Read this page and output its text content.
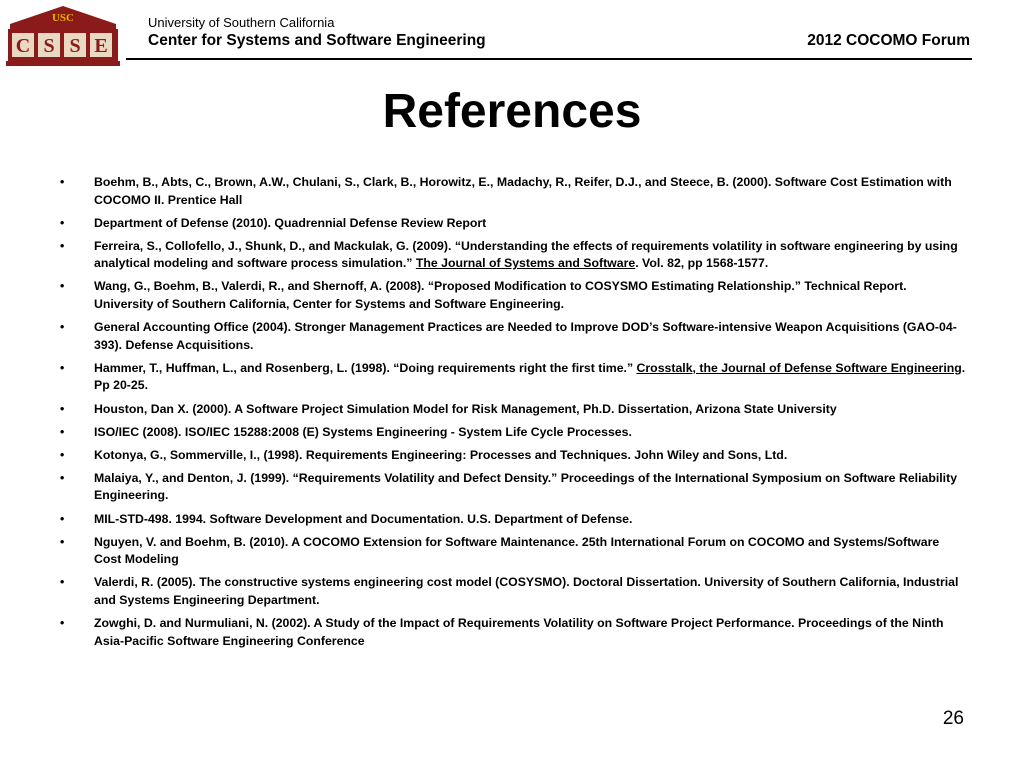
USC
C S S E
University of Southern California
Center for Systems and Software Engineering	2012 COCOMO Forum
References
• Boehm, B., Abts, C., Brown, A.W., Chulani, S., Clark, B., Horowitz, E., Madachy, R., Reifer, D.J., and Steece, B. (2000). Software Cost Estimation with COCOMO II. Prentice Hall
• Department of Defense (2010). Quadrennial Defense Review Report
• Ferreira, S., Collofello, J., Shunk, D., and Mackulak, G. (2009). “Understanding the effects of requirements volatility in software engineering by using analytical modeling and software process simulation.” The Journal of Systems and Software. Vol. 82, pp 1568-1577.
• Wang, G., Boehm, B., Valerdi, R., and Shernoff, A. (2008). “Proposed Modification to COSYSMO Estimating Relationship.” Technical Report. University of Southern California, Center for Systems and Software Engineering.
• General Accounting Office (2004). Stronger Management Practices are Needed to Improve DOD’s Software-intensive Weapon Acquisitions (GAO-04-393). Defense Acquisitions.
• Hammer, T., Huffman, L., and Rosenberg, L. (1998). “Doing requirements right the first time.” Crosstalk, the Journal of Defense Software Engineering. Pp 20-25.
• Houston, Dan X. (2000). A Software Project Simulation Model for Risk Management, Ph.D. Dissertation, Arizona State University
• ISO/IEC (2008). ISO/IEC 15288:2008 (E) Systems Engineering - System Life Cycle Processes.
• Kotonya, G., Sommerville, I., (1998). Requirements Engineering: Processes and Techniques. John Wiley and Sons, Ltd.
• Malaiya, Y., and Denton, J. (1999). “Requirements Volatility and Defect Density.” Proceedings of the International Symposium on Software Reliability Engineering.
• MIL-STD-498. 1994. Software Development and Documentation. U.S. Department of Defense.
• Nguyen, V. and Boehm, B. (2010). A COCOMO Extension for Software Maintenance. 25th International Forum on COCOMO and Systems/Software Cost Modeling
• Valerdi, R. (2005). The constructive systems engineering cost model (COSYSMO). Doctoral Dissertation. University of Southern California, Industrial and Systems Engineering Department.
• Zowghi, D. and Nurmuliani, N. (2002). A Study of the Impact of Requirements Volatility on Software Project Performance. Proceedings of the Ninth Asia-Pacific Software Engineering Conference
26
